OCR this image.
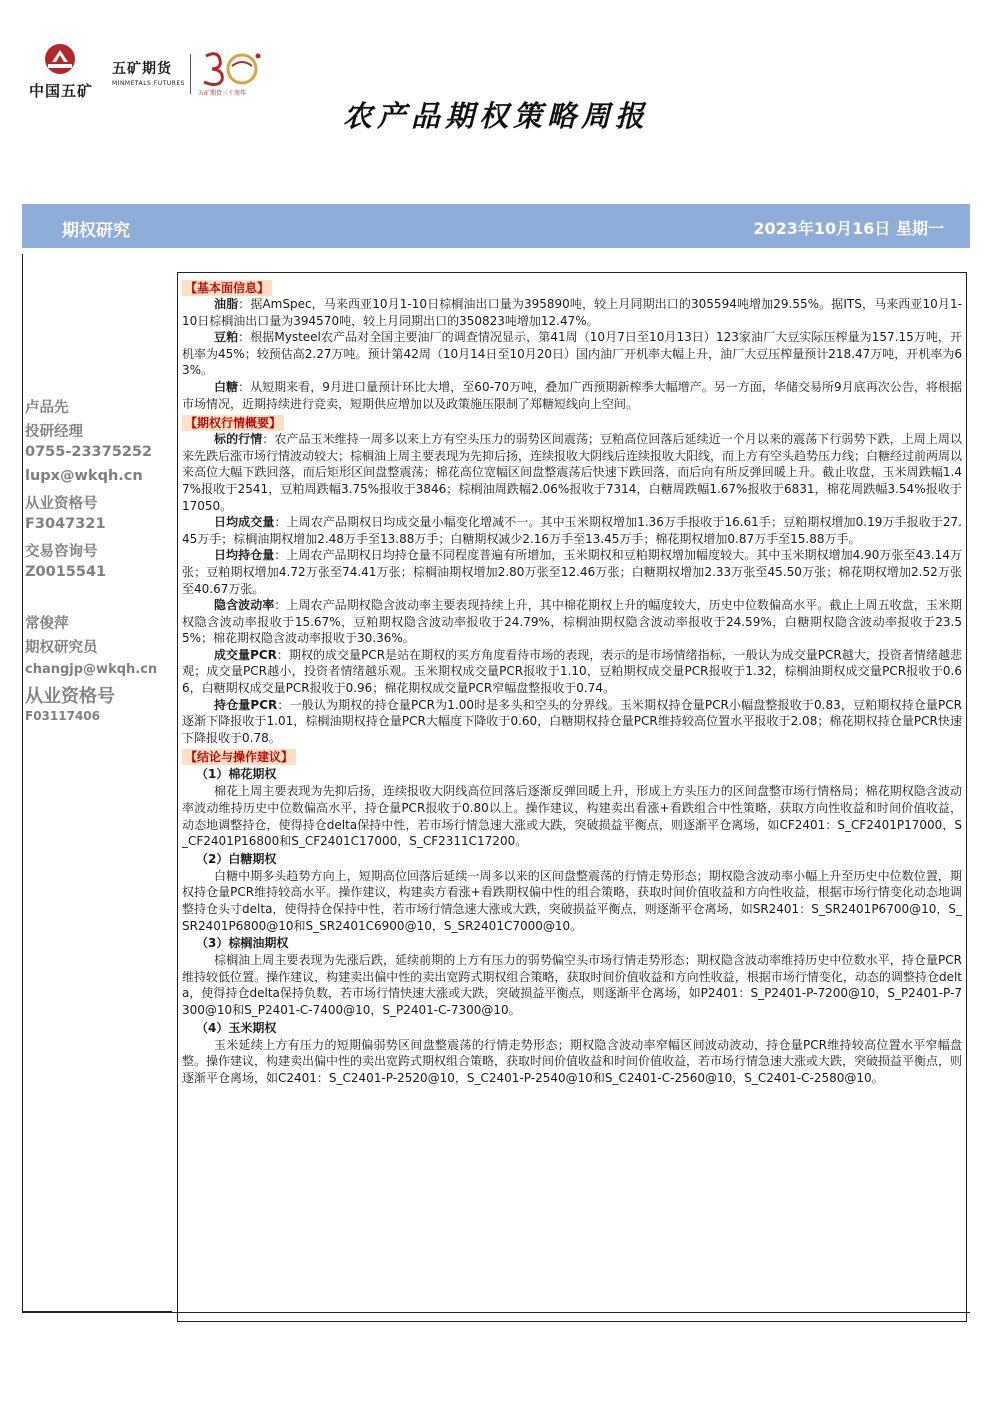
中国五矿
五矿期货
MINMETALS FUTURES
五矿期货三十周年
农产品期权策略周报
期权研究	2023年10月16日 星期一
卢品先
投研经理
0755-23375252
lupx@wkqh.cn
从业资格号
F3047321
交易咨询号
Z0015541
常俊萍
期权研究员
changjp@wkqh.cn
从业资格号
F03117406
【基本面信息】

油脂：据AmSpec，马来西亚10月1-10日棕榈油出口量为395890吨，较上月同期出口的305594吨增加29.55%。据ITS，马来西亚10月1-10日棕榈油出口量为394570吨，较上月同期出口的350823吨增加12.47%。

豆粕：根据Mysteel农产品对全国主要油厂的调查情况显示，第41周（10月7日至10月13日）123家油厂大豆实际压榨量为157.15万吨，开机率为45%；较预估高2.27万吨。预计第42周（10月14日至10月20日）国内油厂开机率大幅上升，油厂大豆压榨量预计218.47万吨，开机率为63%。

白糖：从短期来看，9月进口量预计环比大增，至60-70万吨，叠加广西预期新榨季大幅增产。另一方面，华储交易所9月底再次公告，将根据市场情况，近期持续进行竞卖，短期供应增加以及政策施压限制了郑糖短线向上空间。

【期权行情概要】

标的行情：农产品玉米维持一周多以来上方有空头压力的弱势区间震荡；豆粕高位回落后延续近一个月以来的震荡下行弱势下跌，上周上周以来先跌后涨市场行情波动较大；棕榈油上周主要表现为先抑后扬，连续报收大阴线后连续报收大阳线，而上方有空头趋势压力线；白糖经过前两周以来高位大幅下跌回落，而后矩形区间盘整震荡；棉花高位宽幅区间盘整震荡后快速下跌回落，而后向有所反弹回暖上升。截止收盘，玉米周跌幅1.47%报收于2541，豆粕周跌幅3.75%报收于3846；棕榈油周跌幅2.06%报收于7314，白糖周跌幅1.67%报收于6831，棉花周跌幅3.54%报收于17050。

日均成交量：上周农产品期权日均成交量小幅变化增减不一。其中玉米期权增加1.36万手报收于16.61手；豆粕期权增加0.19万手报收于27.45万手；棕榈油期权增加2.48万手至13.88万手；白糖期权减少2.16万手至13.45万手；棉花期权增加0.87万手至15.88万手。

日均持仓量：上周农产品期权日均持仓量不同程度普遍有所增加，玉米期权和豆粕期权增加幅度较大。其中玉米期权增加4.90万张至43.14万张；豆粕期权增加4.72万张至74.41万张；棕榈油期权增加2.80万张至12.46万张；白糖期权增加2.33万张至45.50万张；棉花期权增加2.52万张至40.67万张。

隐含波动率：上周农产品期权隐含波动率主要表现持续上升，其中棉花期权上升的幅度较大，历史中位数偏高水平。截止上周五收盘，玉米期权隐含波动率报收于15.67%，豆粕期权隐含波动率报收于24.79%，棕榈油期权隐含波动率报收于24.59%，白糖期权隐含波动率报收于23.55%；棉花期权隐含波动率报收于30.36%。

成交量PCR：期权的成交量PCR是站在期权的买方角度看待市场的表现，表示的是市场情绪指标，一般认为成交量PCR越大，投资者情绪越悲观；成交量PCR越小，投资者情绪越乐观。玉米期权成交量PCR报收于1.10，豆粕期权成交量PCR报收于1.32，棕榈油期权成交量PCR报收于0.66，白糖期权成交量PCR报收于0.96；棉花期权成交量PCR窄幅盘整报收于0.74。

持仓量PCR：一般认为期权的持仓量PCR为1.00时是多头和空头的分界线。玉米期权持仓量PCR小幅盘整报收于0.83，豆粕期权持仓量PCR逐渐下降报收于1.01，棕榈油期权持仓量PCR大幅度下降收于0.60，白糖期权持仓量PCR维持较高位置水平报收于2.08；棉花期权持仓量PCR快速下降报收于0.78。

【结论与操作建议】
（1）棉花期权

棉花上周主要表现为先抑后扬，连续报收大阴线高位回落后逐渐反弹回暖上升，形成上方头压力的区间盘整市场行情格局；棉花期权隐含波动率波动维持历史中位数偏高水平，持仓量PCR报收于0.80以上。操作建议，构建卖出看涨+看跌组合中性策略，获取方向性收益和时间价值收益，动态地调整持仓，使得持仓delta保持中性，若市场行情急速大涨或大跌，突破损益平衡点，则逐渐平仓离场，如CF2401：S_CF2401P17000，S_CF2401P16800和S_CF2401C17000，S_CF2311C17200。

（2）白糖期权

白糖中期多头趋势方向上，短期高位回落后延续一周多以来的区间盘整震荡的行情走势形态；期权隐含波动率小幅上升至历史中位数位置，期权持仓量PCR维持较高水平。操作建议，构建卖方看涨+看跌期权偏中性的组合策略，获取时间价值收益和方向性收益，根据市场行情变化动态地调整持仓头寸delta，使得持仓保持中性，若市场行情急速大涨或大跌，突破损益平衡点，则逐渐平仓离场，如SR2401：S_SR2401P6700@10，S_SR2401P6800@10和S_SR2401C6900@10，S_SR2401C7000@10。

（3）棕榈油期权

棕榈油上周主要表现为先涨后跌，延续前期的上方有压力的弱势偏空头市场行情走势形态；期权隐含波动率维持历史中位数水平，持仓量PCR维持较低位置。操作建议，构建卖出偏中性的卖出宽跨式期权组合策略，获取时间价值收益和方向性收益，根据市场行情变化，动态的调整持仓delta，使得持仓delta保持负数，若市场行情快速大涨或大跌，突破损益平衡点，则逐渐平仓离场，如P2401：S_P2401-P-7200@10，S_P2401-P-7300@10和S_P2401-C-7400@10，S_P2401-C-7300@10。

（4）玉米期权

玉米延续上方有压力的短期偏弱势区间盘整震荡的行情走势形态；期权隐含波动率窄幅区间波动波动，持仓量PCR维持较高位置水平窄幅盘整。操作建议，构建卖出偏中性的卖出宽跨式期权组合策略，获取时间价值收益和时间价值收益，若市场行情急速大涨或大跌，突破损益平衡点，则逐渐平仓离场，如C2401：S_C2401-P-2520@10，S_C2401-P-2540@10和S_C2401-C-2560@10，S_C2401-C-2580@10。
